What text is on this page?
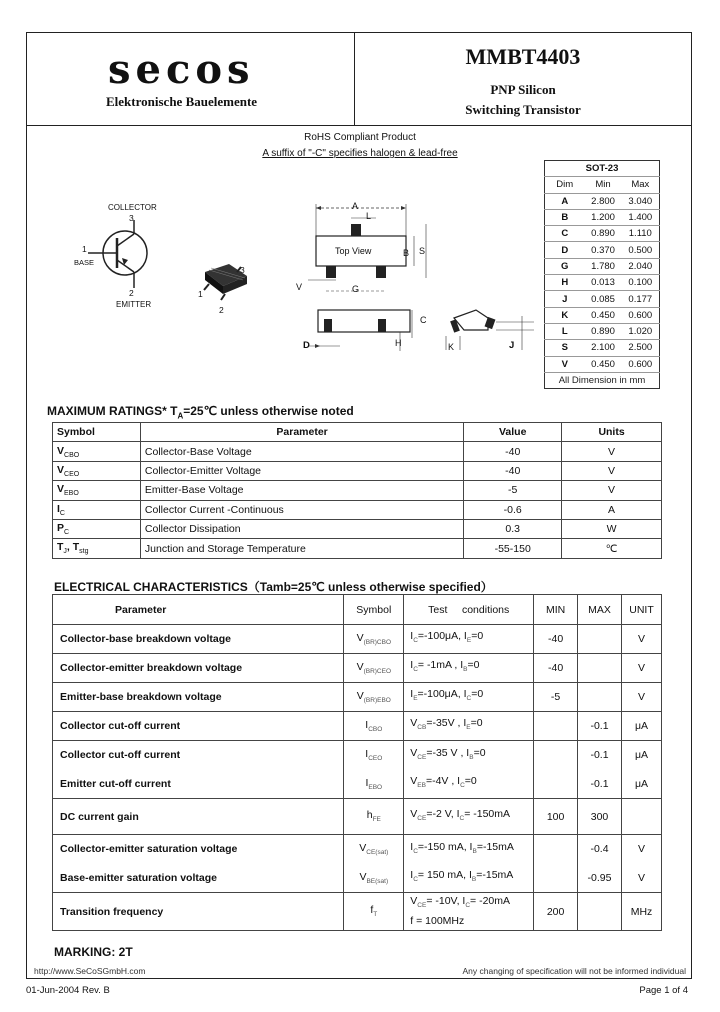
secos
Elektronische Bauelemente
MMBT4403
PNP Silicon
Switching Transistor
RoHS Compliant Product
A suffix of "-C" specifies halogen & lead-free
COLLECTOR
3
1
BASE
2
EMITTER
3
1
2
A
L
Top View	B S
V	G
D
C
H	K	J
SOT-23		
Dim	Min	Max
A	2.800	3.040
B	1.200	1.400
C	0.890	1.110
D	0.370	0.500
G	1.780	2.040
H	0.013	0.100
J	0.085	0.177
K	0.450	0.600
L	0.890	1.020
S	2.100	2.500
V	0.450	0.600
All Dimension in mm		
MAXIMUM RATINGS* $T_A=25℃$ unless otherwise noted
Symbol	Parameter	Value	Units
$V_{CBO}$	Collector-Base Voltage	-40	V
$V_{CEO}$	Collector-Emitter Voltage	-40	V
$V_{EBO}$	Emitter-Base Voltage	-5	V
$I_C$	Collector Current -Continuous	-0.6	A
$P_C$	Collector Dissipation	0.3	W
$T_J$, $T_{stg}$	Junction and Storage Temperature	-55-150	℃
ELECTRICAL CHARACTERISTICS（Tamb=25℃ unless otherwise specified）
Parameter	Symbol	Test     conditions	MIN	MAX	UNIT
Collector-base breakdown voltage	$V_{(BR)CBO}$	$I_C=-100\mu A$, $I_E=0$	-40		V
Collector-emitter breakdown voltage	$V_{(BR)CEO}$	$I_C= -1mA$ , $I_B=0$	-40		V
Emitter-base breakdown voltage	$V_{(BR)EBO}$	$I_E=-100\mu A$, $I_C=0$	-5		V
Collector cut-off current	$I_{CBO}$	$V_{CB}=-35V$ , $I_E=0$		-0.1	μA
Collector cut-off current	$I_{CEO}$	$V_{CE}=-35$ V , $I_B=0$		-0.1	μA
Emitter cut-off current	$I_{EBO}$	$V_{EB}=-4V$ , $I_C=0$		-0.1	μA
DC current gain	$h_{FE}$	$V_{CE}=-2$ V, $I_C= -150mA$	100	300	
Collector-emitter saturation voltage	$V_{CE(sat)}$	$I_C=-150$ mA, $I_B=-15mA$		-0.4	V
Base-emitter saturation voltage	$V_{BE(sat)}$	$I_C= 150$ mA, $I_B=-15mA$		-0.95	V
Transition frequency	$f_T$	$V_{CE}= -10V$, $I_C= -20mA$
f = 100MHz	200		MHz
MARKING: 2T
http://www.SeCoSGmbH.com	Any changing of specification will not be informed individual
01-Jun-2004 Rev. B	Page 1 of 4
